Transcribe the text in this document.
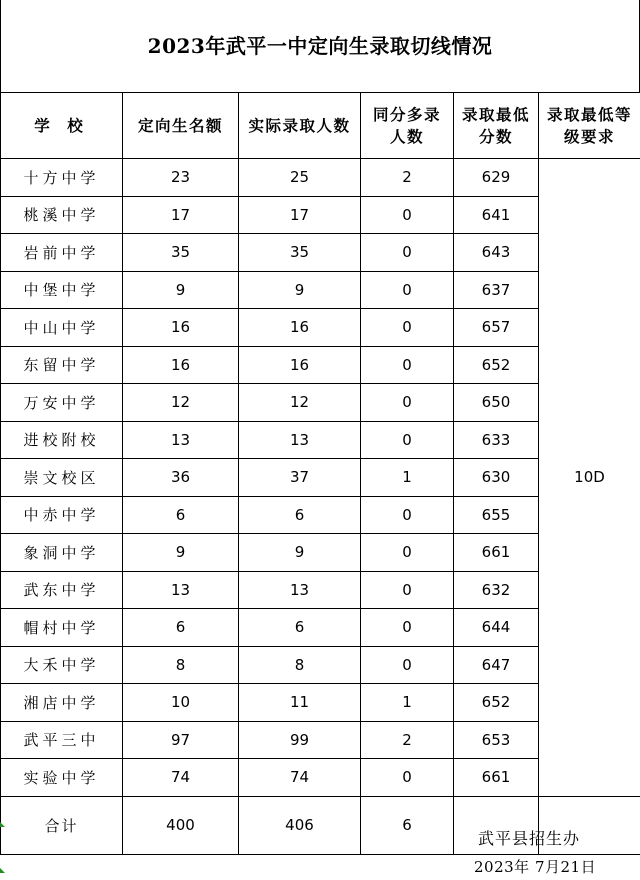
2023年武平一中定向生录取切线情况
学 校	定向生名额	实际录取人数	同分多录人数	录取最低分数	录取最低等级要求
十方中学	23	25	2	629	10D
桃溪中学	17	17	0	641	
岩前中学	35	35	0	643	
中堡中学	9	9	0	637	
中山中学	16	16	0	657	
东留中学	16	16	0	652	
万安中学	12	12	0	650	
进校附校	13	13	0	633	
崇文校区	36	37	1	630	
中赤中学	6	6	0	655	
象洞中学	9	9	0	661	
武东中学	13	13	0	632	
帽村中学	6	6	0	644	
大禾中学	8	8	0	647	
湘店中学	10	11	1	652	
武平三中	97	99	2	653	
实验中学	74	74	0	661	
合计	400	406	6		
武平县招生办
2023年 7月21日
